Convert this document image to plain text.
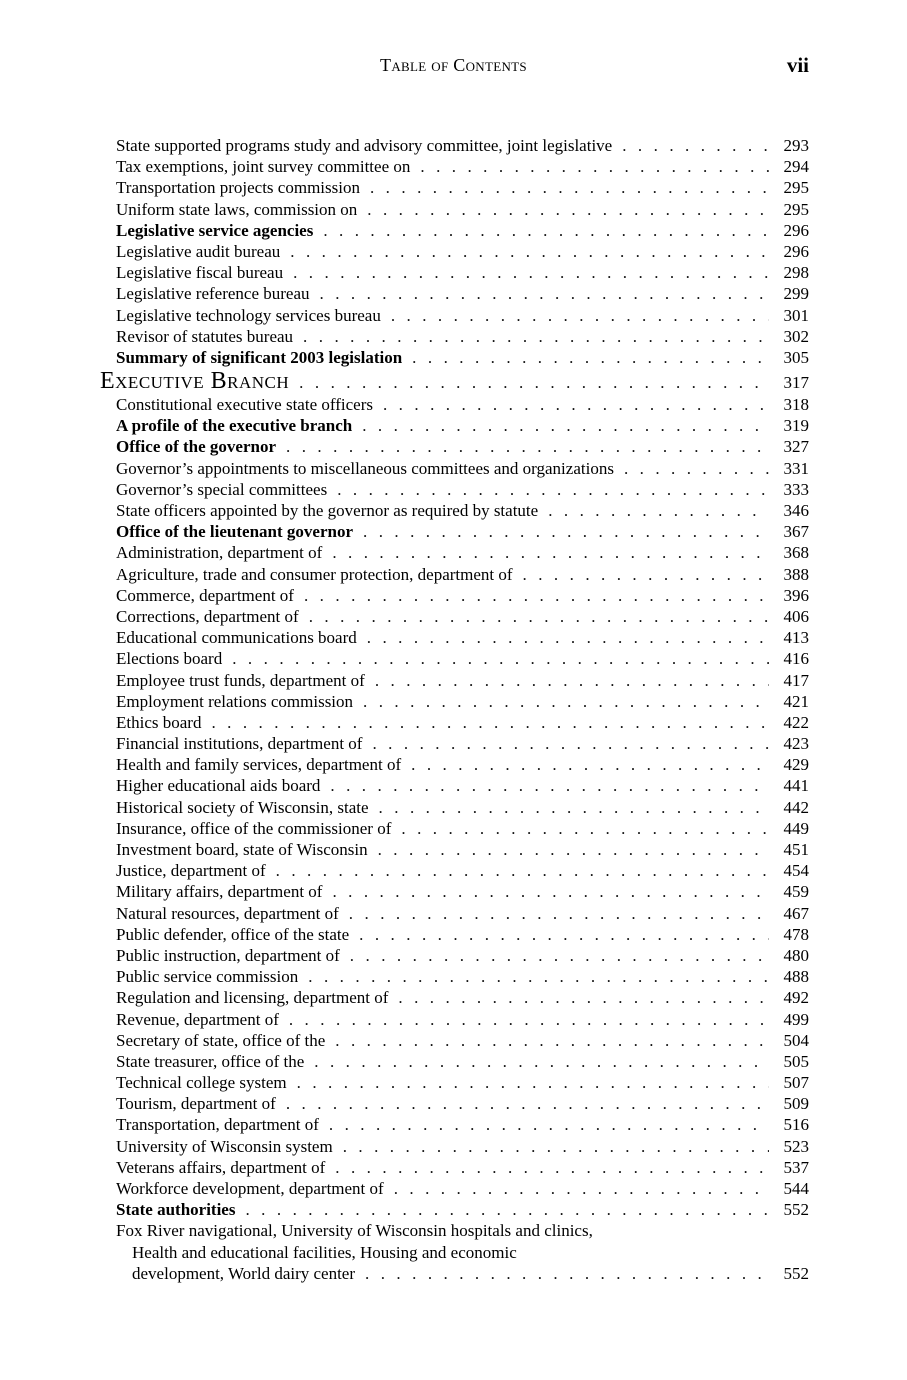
Table of Contents	vii
State supported programs study and advisory committee, joint legislative . . .	293
Tax exemptions, joint survey committee on . . .	294
Transportation projects commission . . .	295
Uniform state laws, commission on . . .	295
Legislative service agencies . . .	296
Legislative audit bureau . . .	296
Legislative fiscal bureau . . .	298
Legislative reference bureau . . .	299
Legislative technology services bureau . . .	301
Revisor of statutes bureau . . .	302
Summary of significant 2003 legislation . . .	305
Executive Branch . . .	317
Constitutional executive state officers . . .	318
A profile of the executive branch . . .	319
Office of the governor . . .	327
Governor’s appointments to miscellaneous committees and organizations . . .	331
Governor’s special committees . . .	333
State officers appointed by the governor as required by statute . . .	346
Office of the lieutenant governor . . .	367
Administration, department of . . .	368
Agriculture, trade and consumer protection, department of . . .	388
Commerce, department of . . .	396
Corrections, department of . . .	406
Educational communications board . . .	413
Elections board . . .	416
Employee trust funds, department of . . .	417
Employment relations commission . . .	421
Ethics board . . .	422
Financial institutions, department of . . .	423
Health and family services, department of . . .	429
Higher educational aids board . . .	441
Historical society of Wisconsin, state . . .	442
Insurance, office of the commissioner of . . .	449
Investment board, state of Wisconsin . . .	451
Justice, department of . . .	454
Military affairs, department of . . .	459
Natural resources, department of . . .	467
Public defender, office of the state . . .	478
Public instruction, department of . . .	480
Public service commission . . .	488
Regulation and licensing, department of . . .	492
Revenue, department of . . .	499
Secretary of state, office of the . . .	504
State treasurer, office of the . . .	505
Technical college system . . .	507
Tourism, department of . . .	509
Transportation, department of . . .	516
University of Wisconsin system . . .	523
Veterans affairs, department of . . .	537
Workforce development, department of . . .	544
State authorities . . .	552
Fox River navigational, University of Wisconsin hospitals and clinics,
Health and educational facilities, Housing and economic
development, World dairy center . . .	552
